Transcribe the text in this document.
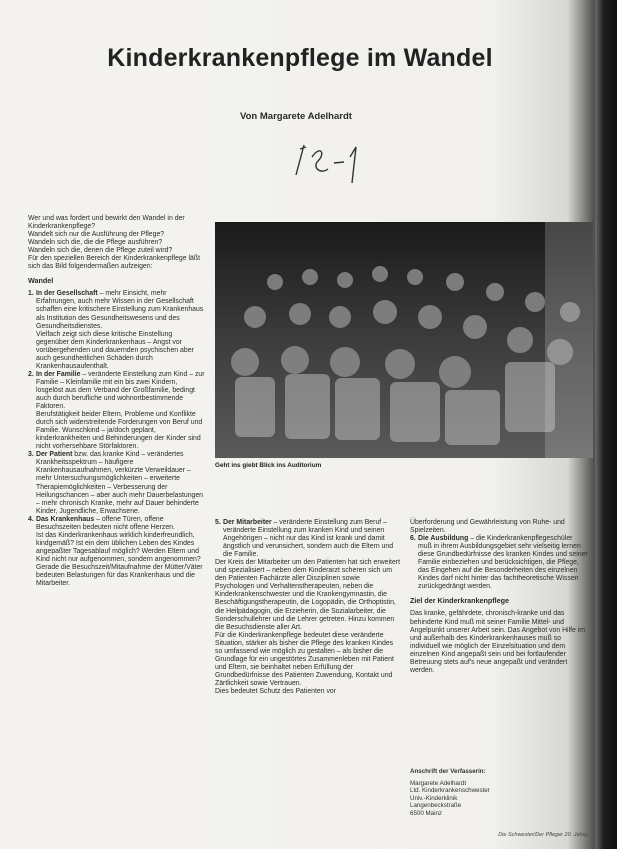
Kinderkrankenpflege im Wandel
Von Margarete Adelhardt

Wer und was fordert und bewirkt den Wandel in der Kinderkrankenpflege?

Wandelt sich nur die Ausführung der Pflege?

Wandeln sich die, die die Pflege ausführen?

Wandeln sich die, denen die Pflege zuteil wird?

Für den speziellen Bereich der Kinderkrankenpflege läßt sich das Bild folgendermaßen aufzeigen:

Wandel

1. In der Gesellschaft – mehr Einsicht, mehr Erfahrungen, auch mehr Wissen in der Gesellschaft schaffen eine kritischere Einstellung zum Krankenhaus als Institution des Gesundheitswesens und des Gesundheitsdienstes.
Vielfach zeigt sich diese kritische Einstellung gegenüber dem Kinderkrankenhaus – Angst vor vorübergehenden und dauernden psychischen aber auch gesundheitlichen Schäden durch Krankenhausaufenthalt.
2. In der Familie – veränderte Einstellung zum Kind – zur Familie – Kleinfamilie mit ein bis zwei Kindern, losgelöst aus dem Verband der Großfamilie, bedingt auch durch berufliche und wohnortbestimmende Faktoren.
Berufstätigkeit beider Eltern, Probleme und Konflikte durch sich widerstreitende Forderungen von Beruf und Familie. Wunschkind – ja/doch geplant, kinderkrankheiten und Behinderungen der Kinder sind nicht vorhersehbare Störfaktoren.
3. Der Patient bzw. das kranke Kind – verändertes Krankheitsspektrum – häufigere Krankenhausaufnahmen, verkürzte Verweildauer – mehr Untersuchungsmöglichkeiten – erweiterte Therapiemöglichkeiten – Verbesserung der Heilungschancen – aber auch mehr Dauerbelastungen – mehr chronisch Kranke, mehr auf Dauer behinderte Kinder, Jugendliche, Erwachsene.
4. Das Krankenhaus – offene Türen, offene Besuchszeiten bedeuten nicht offene Herzen.
Ist das Kinderkrankenhaus wirklich kinderfreundlich, kindgemäß? Ist ein dem üblichen Leben des Kindes angepaßter Tagesablauf möglich? Werden Eltern und Kind nicht nur aufgenommen, sondern angenommen? Gerade die Besuchszeit/Mitaufnahme der Mütter/Väter bedeuten Belastungen für das Krankenhaus und die Mitarbeiter.
Geht ins giebt Blick ins Auditorium
5. Der Mitarbeiter – veränderte Einstellung zum Beruf – veränderte Einstellung zum kranken Kind und seinen Angehörigen – nicht nur das Kind ist krank und damit ängstlich und verunsichert, sondern auch die Eltern und die Familie.

Der Kreis der Mitarbeiter um den Patienten hat sich erweitert und spezialisiert – neben dem Kinderarzt scheren sich um den Patienten Fachärzte aller Disziplinen sowie Psychologen und Verhaltenstherapeuten, neben die Kinderkrankenschwester und die Krankengymnastin, die Beschäftigungstherapeutin, die Logopädin, die Orthoptistin, die Heilpädagogin, die Erzieherin, die Sozialarbeiter, die Sonderschullehrer und die Lehrer getreten. Hinzu kommen die Besuchsdienste aller Art.

Für die Kinderkrankenpflege bedeutet diese veränderte Situation, stärker als bisher die Pflege des kranken Kindes so umfassend wie möglich zu gestalten – als bisher die Grundlage für ein ungestörtes Zusammenleben mit Patient und Eltern, sie beinhaltet neben Erfüllung der Grundbedürfnisse des Patienten Zuwendung, Kontakt und Zärtlichkeit sowie Vertrauen.

Dies bedeutet Schutz des Patienten vor

Überforderung und Gewährleistung von Ruhe- und Spielzeiten.

6. Die Ausbildung – die Kinderkrankenpflegeschüler muß in ihrem Ausbildungsgebiet sehr vielseitig lernen diese Grundbedürfnisse des kranken Kindes und seiner Familie einbeziehen und berücksichtigen, die Pflege, das Eingehen auf die Besonderheiten des einzelnen Kindes darf nicht hinter das fachtheoretische Wissen zurückgedrängt werden.

Ziel der Kinderkrankenpflege

Das kranke, gefährdete, chronisch-kranke und das behinderte Kind muß mit seiner Familie Mittel- und Angelpunkt unserer Arbeit sein. Das Angebot von Hilfe im und außerhalb des Kinderkrankenhauses muß so individuell wie möglich der Einzelsituation und dem einzelnen Kind angepaßt sein und bei fortlaufender Betreuung stets auf's neue angepaßt und verändert werden.

Anschrift der Verfasserin:
Margarete Adelhardt
Ltd. Kinderkrankenschwester
Univ.-Kinderklinik
Langenbeckstraße
6500 Mainz
Die Schwester/Der Pfleger 20. Jahrg.
